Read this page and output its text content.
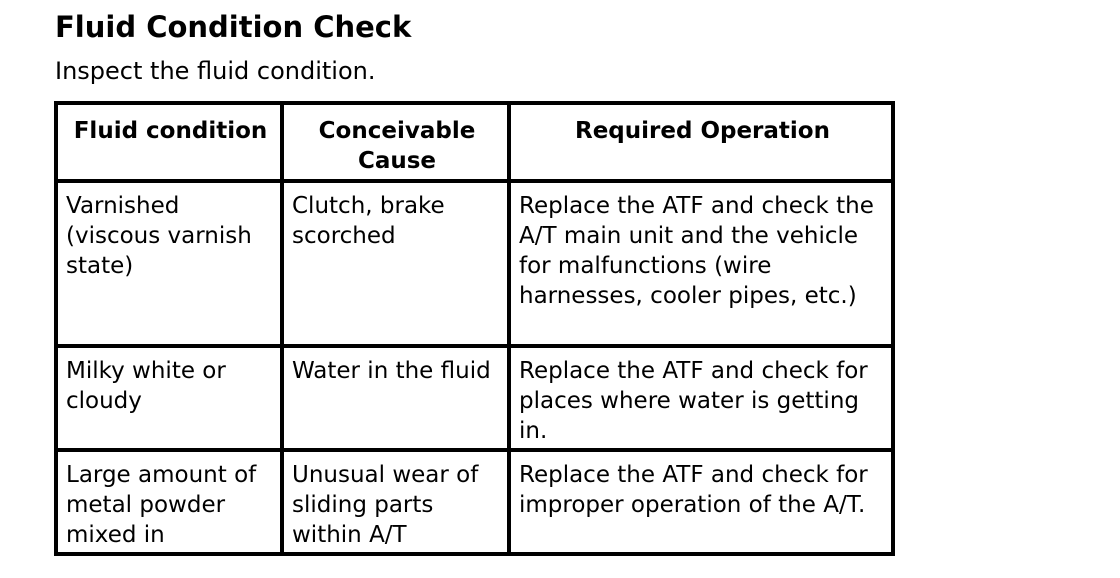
Fluid Condition Check
Inspect the fluid condition.
Fluid condition	Conceivable Cause	Required Operation
Varnished (viscous varnish state)	Clutch, brake scorched	Replace the ATF and check the A/T main unit and the vehicle for malfunctions (wire harnesses, cooler pipes, etc.)
Milky white or cloudy	Water in the fluid	Replace the ATF and check for places where water is getting in.
Large amount of metal powder mixed in	Unusual wear of sliding parts within A/T	Replace the ATF and check for improper operation of the A/T.
